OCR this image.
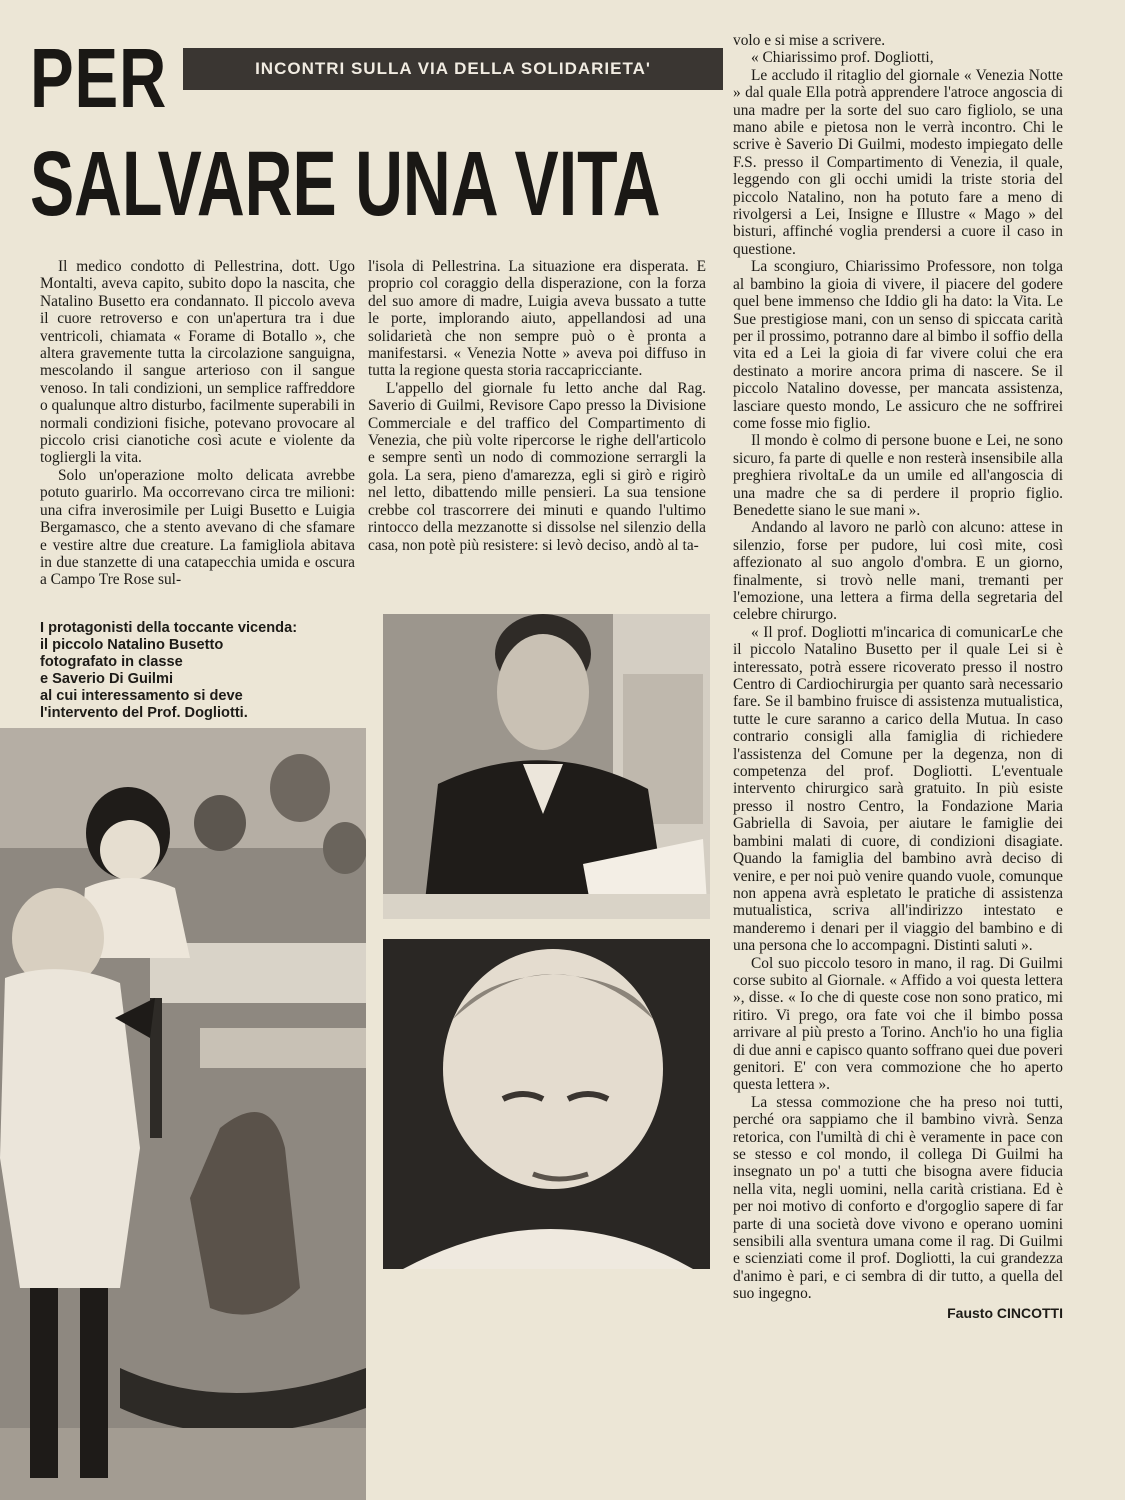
PER	INCONTRI SULLA VIA DELLA SOLIDARIETA'
SALVARE UNA VITA

Il medico condotto di Pellestrina, dott. Ugo Montalti, aveva capito, subito dopo la nascita, che Natalino Busetto era condannato. Il piccolo aveva il cuore retroverso e con un'apertura tra i due ventricoli, chiamata « Forame di Botallo », che altera gravemente tutta la circolazione sanguigna, mescolando il sangue arterioso con il sangue venoso. In tali condizioni, un semplice raffreddore o qualunque altro disturbo, facilmente superabili in normali condizioni fisiche, potevano provocare al piccolo crisi cianotiche così acute e violente da togliergli la vita.

Solo un'operazione molto delicata avrebbe potuto guarirlo. Ma occorrevano circa tre milioni: una cifra inverosimile per Luigi Busetto e Luigia Bergamasco, che a stento avevano di che sfamare e vestire altre due creature. La famigliola abitava in due stanzette di una catapecchia umida e oscura a Campo Tre Rose sul-

l'isola di Pellestrina. La situazione era disperata. E proprio col coraggio della disperazione, con la forza del suo amore di madre, Luigia aveva bussato a tutte le porte, implorando aiuto, appellandosi ad una solidarietà che non sempre può o è pronta a manifestarsi. « Venezia Notte » aveva poi diffuso in tutta la regione questa storia raccapricciante.

L'appello del giornale fu letto anche dal Rag. Saverio di Guilmi, Revisore Capo presso la Divisione Commerciale e del traffico del Compartimento di Venezia, che più volte ripercorse le righe dell'articolo e sempre sentì un nodo di commozione serrargli la gola. La sera, pieno d'amarezza, egli si girò e rigirò nel letto, dibattendo mille pensieri. La sua tensione crebbe col trascorrere dei minuti e quando l'ultimo rintocco della mezzanotte si dissolse nel silenzio della casa, non potè più resistere: si levò deciso, andò al ta-

volo e si mise a scrivere.

« Chiarissimo prof. Dogliotti,

Le accludo il ritaglio del giornale « Venezia Notte » dal quale Ella potrà apprendere l'atroce angoscia di una madre per la sorte del suo caro figliolo, se una mano abile e pietosa non le verrà incontro. Chi le scrive è Saverio Di Guilmi, modesto impiegato delle F.S. presso il Compartimento di Venezia, il quale, leggendo con gli occhi umidi la triste storia del piccolo Natalino, non ha potuto fare a meno di rivolgersi a Lei, Insigne e Illustre « Mago » del bisturi, affinché voglia prendersi a cuore il caso in questione.

La scongiuro, Chiarissimo Professore, non tolga al bambino la gioia di vivere, il piacere del godere quel bene immenso che Iddio gli ha dato: la Vita. Le Sue prestigiose mani, con un senso di spiccata carità per il prossimo, potranno dare al bimbo il soffio della vita ed a Lei la gioia di far vivere colui che era destinato a morire ancora prima di nascere. Se il piccolo Natalino dovesse, per mancata assistenza, lasciare questo mondo, Le assicuro che ne soffrirei come fosse mio figlio.

Il mondo è colmo di persone buone e Lei, ne sono sicuro, fa parte di quelle e non resterà insensibile alla preghiera rivoltaLe da un umile ed all'angoscia di una madre che sa di perdere il proprio figlio. Benedette siano le sue mani ».

Andando al lavoro ne parlò con alcuno: attese in silenzio, forse per pudore, lui così mite, così affezionato al suo angolo d'ombra. E un giorno, finalmente, si trovò nelle mani, tremanti per l'emozione, una lettera a firma della segretaria del celebre chirurgo.

« Il prof. Dogliotti m'incarica di comunicarLe che il piccolo Natalino Busetto per il quale Lei si è interessato, potrà essere ricoverato presso il nostro Centro di Cardiochirurgia per quanto sarà necessario fare. Se il bambino fruisce di assistenza mutualistica, tutte le cure saranno a carico della Mutua. In caso contrario consigli alla famiglia di richiedere l'assistenza del Comune per la degenza, non di competenza del prof. Dogliotti. L'eventuale intervento chirurgico sarà gratuito. In più esiste presso il nostro Centro, la Fondazione Maria Gabriella di Savoia, per aiutare le famiglie dei bambini malati di cuore, di condizioni disagiate. Quando la famiglia del bambino avrà deciso di venire, e per noi può venire quando vuole, comunque non appena avrà espletato le pratiche di assistenza mutualistica, scriva all'indirizzo intestato e manderemo i denari per il viaggio del bambino e di una persona che lo accompagni. Distinti saluti ».

Col suo piccolo tesoro in mano, il rag. Di Guilmi corse subito al Giornale. « Affido a voi questa lettera », disse. « Io che di queste cose non sono pratico, mi ritiro. Vi prego, ora fate voi che il bimbo possa arrivare al più presto a Torino. Anch'io ho una figlia di due anni e capisco quanto soffrano quei due poveri genitori. E' con vera commozione che ho aperto questa lettera ».

La stessa commozione che ha preso noi tutti, perché ora sappiamo che il bambino vivrà. Senza retorica, con l'umiltà di chi è veramente in pace con se stesso e col mondo, il collega Di Guilmi ha insegnato un po' a tutti che bisogna avere fiducia nella vita, negli uomini, nella carità cristiana. Ed è per noi motivo di conforto e d'orgoglio sapere di far parte di una società dove vivono e operano uomini sensibili alla sventura umana come il rag. Di Guilmi e scienziati come il prof. Dogliotti, la cui grandezza d'animo è pari, e ci sembra di dir tutto, a quella del suo ingegno.

Fausto CINCOTTI
I protagonisti della toccante vicenda:
il piccolo Natalino Busetto
fotografato in classe
e Saverio Di Guilmi
al cui interessamento si deve
l'intervento del Prof. Dogliotti.
